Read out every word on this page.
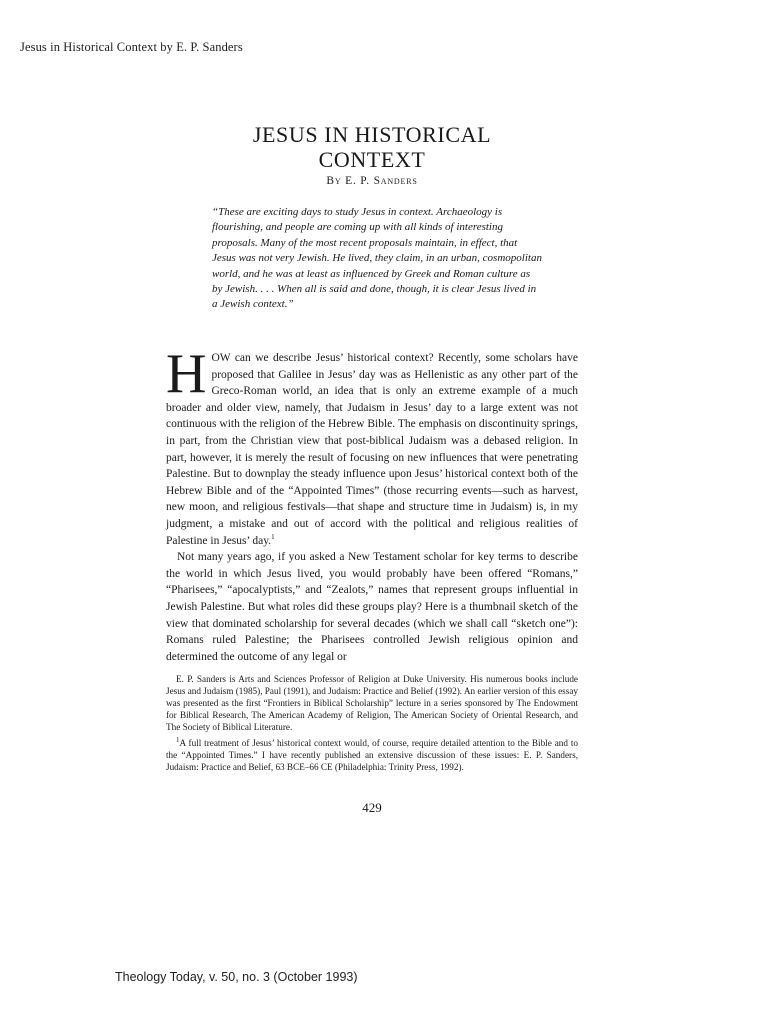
Jesus in Historical Context by E. P. Sanders
JESUS IN HISTORICAL
CONTEXT
By E. P. Sanders
“These are exciting days to study Jesus in context. Archaeology is flourishing, and people are coming up with all kinds of interesting proposals. Many of the most recent proposals maintain, in effect, that Jesus was not very Jewish. He lived, they claim, in an urban, cosmopolitan world, and he was at least as influenced by Greek and Roman culture as by Jewish. . . . When all is said and done, though, it is clear Jesus lived in a Jewish context.”

HOW can we describe Jesus’ historical context? Recently, some scholars have proposed that Galilee in Jesus’ day was as Hellenistic as any other part of the Greco-Roman world, an idea that is only an extreme example of a much broader and older view, namely, that Judaism in Jesus’ day to a large extent was not continuous with the religion of the Hebrew Bible. The emphasis on discontinuity springs, in part, from the Christian view that post-biblical Judaism was a debased religion. In part, however, it is merely the result of focusing on new influences that were penetrating Palestine. But to downplay the steady influence upon Jesus’ historical context both of the Hebrew Bible and of the “Appointed Times” (those recurring events—such as harvest, new moon, and religious festivals—that shape and structure time in Judaism) is, in my judgment, a mistake and out of accord with the political and religious realities of Palestine in Jesus’ day.$^1$

Not many years ago, if you asked a New Testament scholar for key terms to describe the world in which Jesus lived, you would probably have been offered “Romans,” “Pharisees,” “apocalyptists,” and “Zealots,” names that represent groups influential in Jewish Palestine. But what roles did these groups play? Here is a thumbnail sketch of the view that dominated scholarship for several decades (which we shall call “sketch one”): Romans ruled Palestine; the Pharisees controlled Jewish religious opinion and determined the outcome of any legal or

E. P. Sanders is Arts and Sciences Professor of Religion at Duke University. His numerous books include Jesus and Judaism (1985), Paul (1991), and Judaism: Practice and Belief (1992). An earlier version of this essay was presented as the first “Frontiers in Biblical Scholarship” lecture in a series sponsored by The Endowment for Biblical Research, The American Academy of Religion, The American Society of Oriental Research, and The Society of Biblical Literature.

$^1$A full treatment of Jesus’ historical context would, of course, require detailed attention to the Bible and to the “Appointed Times.” I have recently published an extensive discussion of these issues: E. P. Sanders, Judaism: Practice and Belief, 63 BCE–66 CE (Philadelphia: Trinity Press, 1992).

429
Theology Today, v. 50, no. 3 (October 1993)
